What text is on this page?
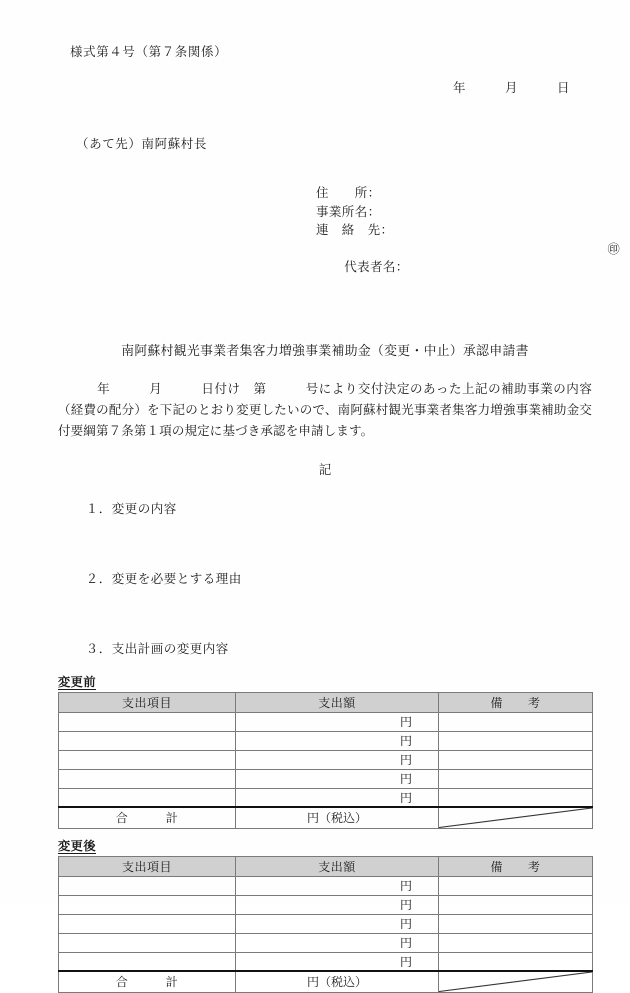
様式第４号（第７条関係）
年　　　月　　　日
（あて先）南阿蘇村長
住　　所：
事業所名：
連　絡　先：

代表者名：

㊞

南阿蘇村観光事業者集客力増強事業補助金（変更・中止）承認申請書
　　　年　　　月　　　日付け　第　　　号により交付決定のあった上記の補助事業の内容（経費の配分）を下記のとおり変更したいので、南阿蘇村観光事業者集客力増強事業補助金交付要綱第７条第１項の規定に基づき承認を申請します。
記

１．変更の内容

２．変更を必要とする理由

３．支出計画の変更内容

変更前
支出項目	支出額	備　　考
	円	
	円	
	円	
	円	
	円	
合　　　計	円（税込）	
変更後
支出項目	支出額	備　　考
	円	
	円	
	円	
	円	
	円	
合　　　計	円（税込）	
